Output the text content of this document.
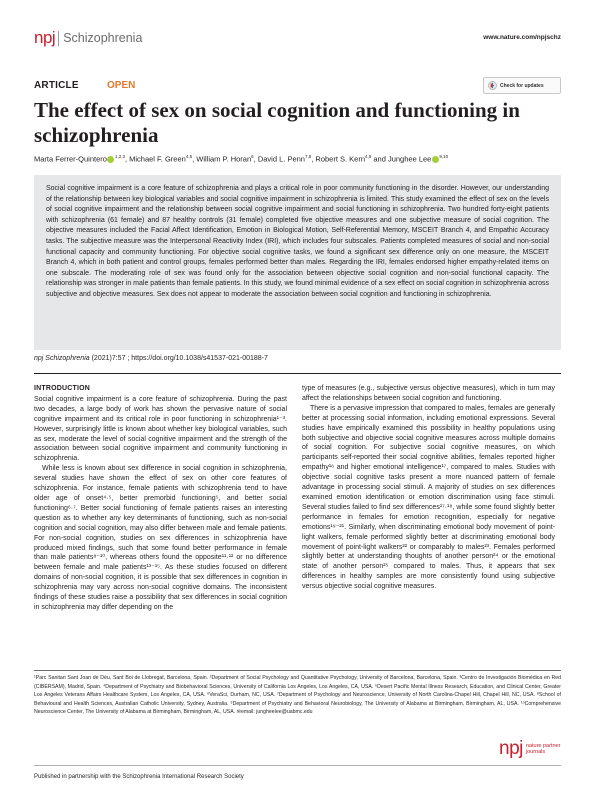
npj Schizophrenia	www.nature.com/npjschz
ARTICLE	OPEN	Check for updates
The effect of sex on social cognition and functioning in schizophrenia
Marta Ferrer-Quintero $^{1,2,3}$, Michael F. Green$^{4,5}$, William P. Horan$^6$, David L. Penn$^{7,8}$, Robert S. Kern$^{4,5}$ and Junghee Lee $^{9,10}$

Social cognitive impairment is a core feature of schizophrenia and plays a critical role in poor community functioning in the disorder. However, our understanding of the relationship between key biological variables and social cognitive impairment in schizophrenia is limited. This study examined the effect of sex on the levels of social cognitive impairment and the relationship between social cognitive impairment and social functioning in schizophrenia. Two hundred forty-eight patients with schizophrenia (61 female) and 87 healthy controls (31 female) completed five objective measures and one subjective measure of social cognition. The objective measures included the Facial Affect Identification, Emotion in Biological Motion, Self-Referential Memory, MSCEIT Branch 4, and Empathic Accuracy tasks. The subjective measure was the Interpersonal Reactivity Index (IRI), which includes four subscales. Patients completed measures of social and non-social functional capacity and community functioning. For objective social cognitive tasks, we found a significant sex difference only on one measure, the MSCEIT Branch 4, which in both patient and control groups, females performed better than males. Regarding the IRI, females endorsed higher empathy-related items on one subscale. The moderating role of sex was found only for the association between objective social cognition and non-social functional capacity. The relationship was stronger in male patients than female patients. In this study, we found minimal evidence of a sex effect on social cognition in schizophrenia across subjective and objective measures. Sex does not appear to moderate the association between social cognition and functioning in schizophrenia.

npj Schizophrenia (2021)7:57 ; https://doi.org/10.1038/s41537-021-00188-7
INTRODUCTION

Social cognitive impairment is a core feature of schizophrenia. During the past two decades, a large body of work has shown the pervasive nature of social cognitive impairment and its critical role in poor functioning in schizophrenia¹⁻³. However, surprisingly little is known about whether key biological variables, such as sex, moderate the level of social cognitive impairment and the strength of the association between social cognitive impairment and community functioning in schizophrenia.

While less is known about sex difference in social cognition in schizophrenia, several studies have shown the effect of sex on other core features of schizophrenia. For instance, female patients with schizophrenia tend to have older age of onset⁴·⁵, better premorbid functioning⁵, and better social functioning⁶·⁷. Better social functioning of female patients raises an interesting question as to whether any key determinants of functioning, such as non-social cognition and social cognition, may also differ between male and female patients. For non-social cognition, studies on sex differences in schizophrenia have produced mixed findings, such that some found better performance in female than male patients⁸⁻¹⁰, whereas others found the opposite¹¹·¹² or no difference between female and male patients¹³⁻¹⁵. As these studies focused on different domains of non-social cognition, it is possible that sex differences in cognition in schizophrenia may vary across non-social cognitive domains. The inconsistent findings of these studies raise a possibility that sex differences in social cognition in schizophrenia may differ depending on the

type of measures (e.g., subjective versus objective measures), which in turn may affect the relationships between social cognition and functioning.

There is a pervasive impression that compared to males, females are generally better at processing social information, including emotional expressions. Several studies have empirically examined this possibility in healthy populations using both subjective and objective social cognitive measures across multiple domains of social cognition. For subjective social cognitive measures, on which participants self-reported their social cognitive abilities, females reported higher empathy¹⁶ and higher emotional intelligence¹⁷, compared to males. Studies with objective social cognitive tasks present a more nuanced pattern of female advantage in processing social stimuli. A majority of studies on sex differences examined emotion identification or emotion discrimination using face stimuli. Several studies failed to find sex differences¹⁷·¹⁸, while some found slightly better performance in females for emotion recognition, especially for negative emotions¹⁹⁻²¹. Similarly, when discriminating emotional body movement of point-light walkers, female performed slightly better at discriminating emotional body movement of point-light walkers²² or comparably to males²³. Females performed slightly better at understanding thoughts of another person²⁴ or the emotional state of another person²⁵ compared to males. Thus, it appears that sex differences in healthy samples are more consistently found using subjective versus objective social cognitive measures.

¹Parc Sanitari Sant Joan de Déu, Sant Boi de Llobregat, Barcelona, Spain. ²Department of Social Psychology and Quantitative Psychology, University of Barcelona, Barcelona, Spain. ³Centro de Investigación Biomédica en Red (CIBERSAM), Madrid, Spain. ⁴Department of Psychiatry and Biobehavioral Sciences, University of California Los Angeles, Los Angeles, CA, USA. ⁵Desert Pacific Mental Illness Research, Education, and Clinical Center, Greater Los Angeles Veterans Affairs Healthcare System, Los Angeles, CA, USA. ⁶VeraSci, Durham, NC, USA. ⁷Department of Psychology and Neuroscience, University of North Carolina-Chapel Hill, Chapel Hill, NC, USA. ⁸School of Behavioural and Health Sciences, Australian Catholic University, Sydney, Australia. ⁹Department of Psychiatry and Behavioral Neurobiology, The University of Alabama at Birmingham, Birmingham, AL, USA. ¹⁰Comprehensive Neuroscience Center, The University of Alabama at Birmingham, Birmingham, AL, USA. ✉email: jungheelee@uabmc.edu
npj nature partner
journals
Published in partnership with the Schizophrenia International Research Society
